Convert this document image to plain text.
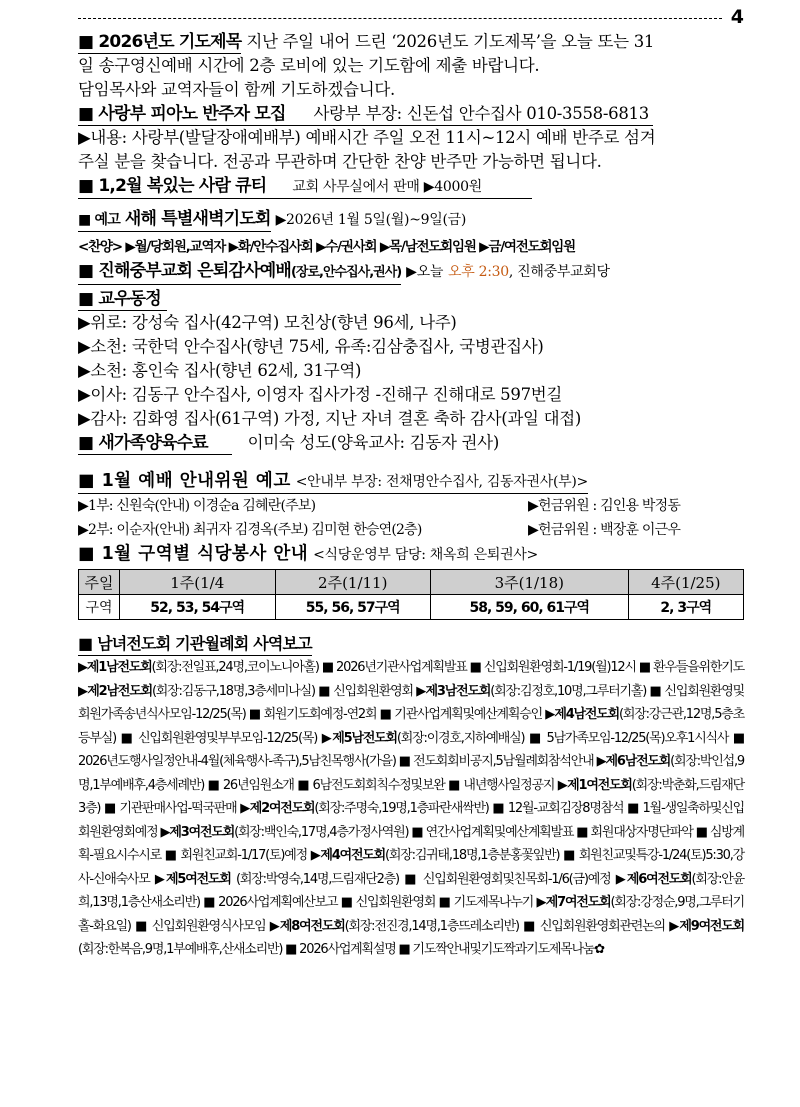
4
■ 2026년도 기도제목 지난 주일 내어 드린 ‘2026년도 기도제목’을 오늘 또는 31
일 송구영신예배 시간에 2층 로비에 있는 기도함에 제출 바랍니다.
담임목사와 교역자들이 함께 기도하겠습니다.
■ 사랑부 피아노 반주자 모집 사랑부 부장: 신돈섭 안수집사 010-3558-6813
▶내용: 사랑부(발달장애예배부) 예배시간 주일 오전 11시~12시 예배 반주로 섬겨
주실 분을 찾습니다. 전공과 무관하며 간단한 찬양 반주만 가능하면 됩니다.
■ 1,2월 복있는 사람 큐티 교회 사무실에서 판매 ▶4000원
■ 예고 새해 특별새벽기도회 ▶2026년 1월 5일(월)~9일(금)
<찬양> ▶월/당회원,교역자 ▶화/안수집사회 ▶수/권사회 ▶목/남전도회임원 ▶금/여전도회임원
■ 진해중부교회 은퇴감사예배(장로,안수집사,권사) ▶오늘 오후 2:30, 진해중부교회당
■ 교우동정
▶위로: 강성숙 집사(42구역) 모친상(향년 96세, 나주)
▶소천: 국한덕 안수집사(향년 75세, 유족:김삼충집사, 국병관집사)
▶소천: 홍인숙 집사(향년 62세, 31구역)
▶이사: 김동구 안수집사, 이영자 집사가정 -진해구 진해대로 597번길
▶감사: 김화영 집사(61구역) 가정, 지난 자녀 결혼 축하 감사(과일 대접)
■ 새가족양육수료 이미숙 성도(양육교사: 김동자 권사)
■ 1월 예배 안내위원 예고 <안내부 부장: 전채명안수집사, 김동자권사(부)>
▶1부: 신원숙(안내) 이경순a 김혜란(주보)	▶헌금위원 : 김인용 박정동
▶2부: 이순자(안내) 최귀자 김경옥(주보) 김미현 한승연(2층)	▶헌금위원 : 백장훈 이근우
■ 1월 구역별 식당봉사 안내 <식당운영부 담당: 채옥희 은퇴권사>
주일	1주(1/4	2주(1/11)	3주(1/18)	4주(1/25)
구역	52, 53, 54구역	55, 56, 57구역	58, 59, 60, 61구역	2, 3구역
■ 남녀전도회 기관월례회 사역보고
▶제1남전도회(회장:전일표,24명,코이노니아홀) ■ 2026년기관사업계획발표 ■ 신입회원환영회-1/19(월)12시 ■ 환우들을위한기도 ▶제2남전도회(회장:김동구,18명,3층세미나실) ■ 신입회원환영회 ▶제3남전도회(회장:김정호,10명,그루터기홀) ■ 신입회원환영및회원가족송년식사모임-12/25(목) ■ 회원기도회예정-연2회 ■ 기관사업계획및예산계획승인 ▶제4남전도회(회장:강근관,12명,5층초등부실) ■ 신입회원환영및부부모임-12/25(목) ▶제5남전도회(회장:이경호,지하예배실) ■ 5남가족모임-12/25(목)오후1시식사 ■ 2026년도행사일정안내-4월(체육행사-족구),5남친목행사(가을) ■ 전도회회비공지,5남월례회참석안내 ▶제6남전도회(회장:박인섭,9명,1부예배후,4층세례반) ■ 26년임원소개 ■ 6남전도회회칙수정및보완 ■ 내년행사일정공지 ▶제1여전도회(회장:박춘화,드림재단3층) ■ 기관판매사업-떡국판매 ▶제2여전도회(회장:주명숙,19명,1층파란새싹반) ■ 12월-교회김장8명참석 ■ 1월-생일축하및신입회원환영회예정 ▶제3여전도회(회장:백인숙,17명,4층가정사역원) ■ 연간사업계획및예산계획발표 ■ 회원대상자명단파악 ■ 심방계획-필요시수시로 ■ 회원친교회-1/17(토)예정 ▶제4여전도회(회장:김귀태,18명,1층분홍꽃잎반) ■ 회원친교및특강-1/24(토)5:30,강사-신애숙사모 ▶제5여전도회 (회장:박영숙,14명,드림재단2층) ■ 신입회원환영회및친목회-1/6(금)예정 ▶제6여전도회(회장:안윤희,13명,1층산새소리반) ■ 2026사업계획예산보고 ■ 신입회원환영회 ■ 기도제목나누기 ▶제7여전도회(회장:강정순,9명,그루터기홀-화요일) ■ 신입회원환영식사모임 ▶제8여전도회(회장:전진경,14명,1층뜨레소리반) ■ 신입회원환영회관련논의 ▶제9여전도회(회장:한복음,9명,1부예배후,산새소리반) ■ 2026사업계획설명 ■ 기도짝안내및기도짝과기도제목나눔✿
